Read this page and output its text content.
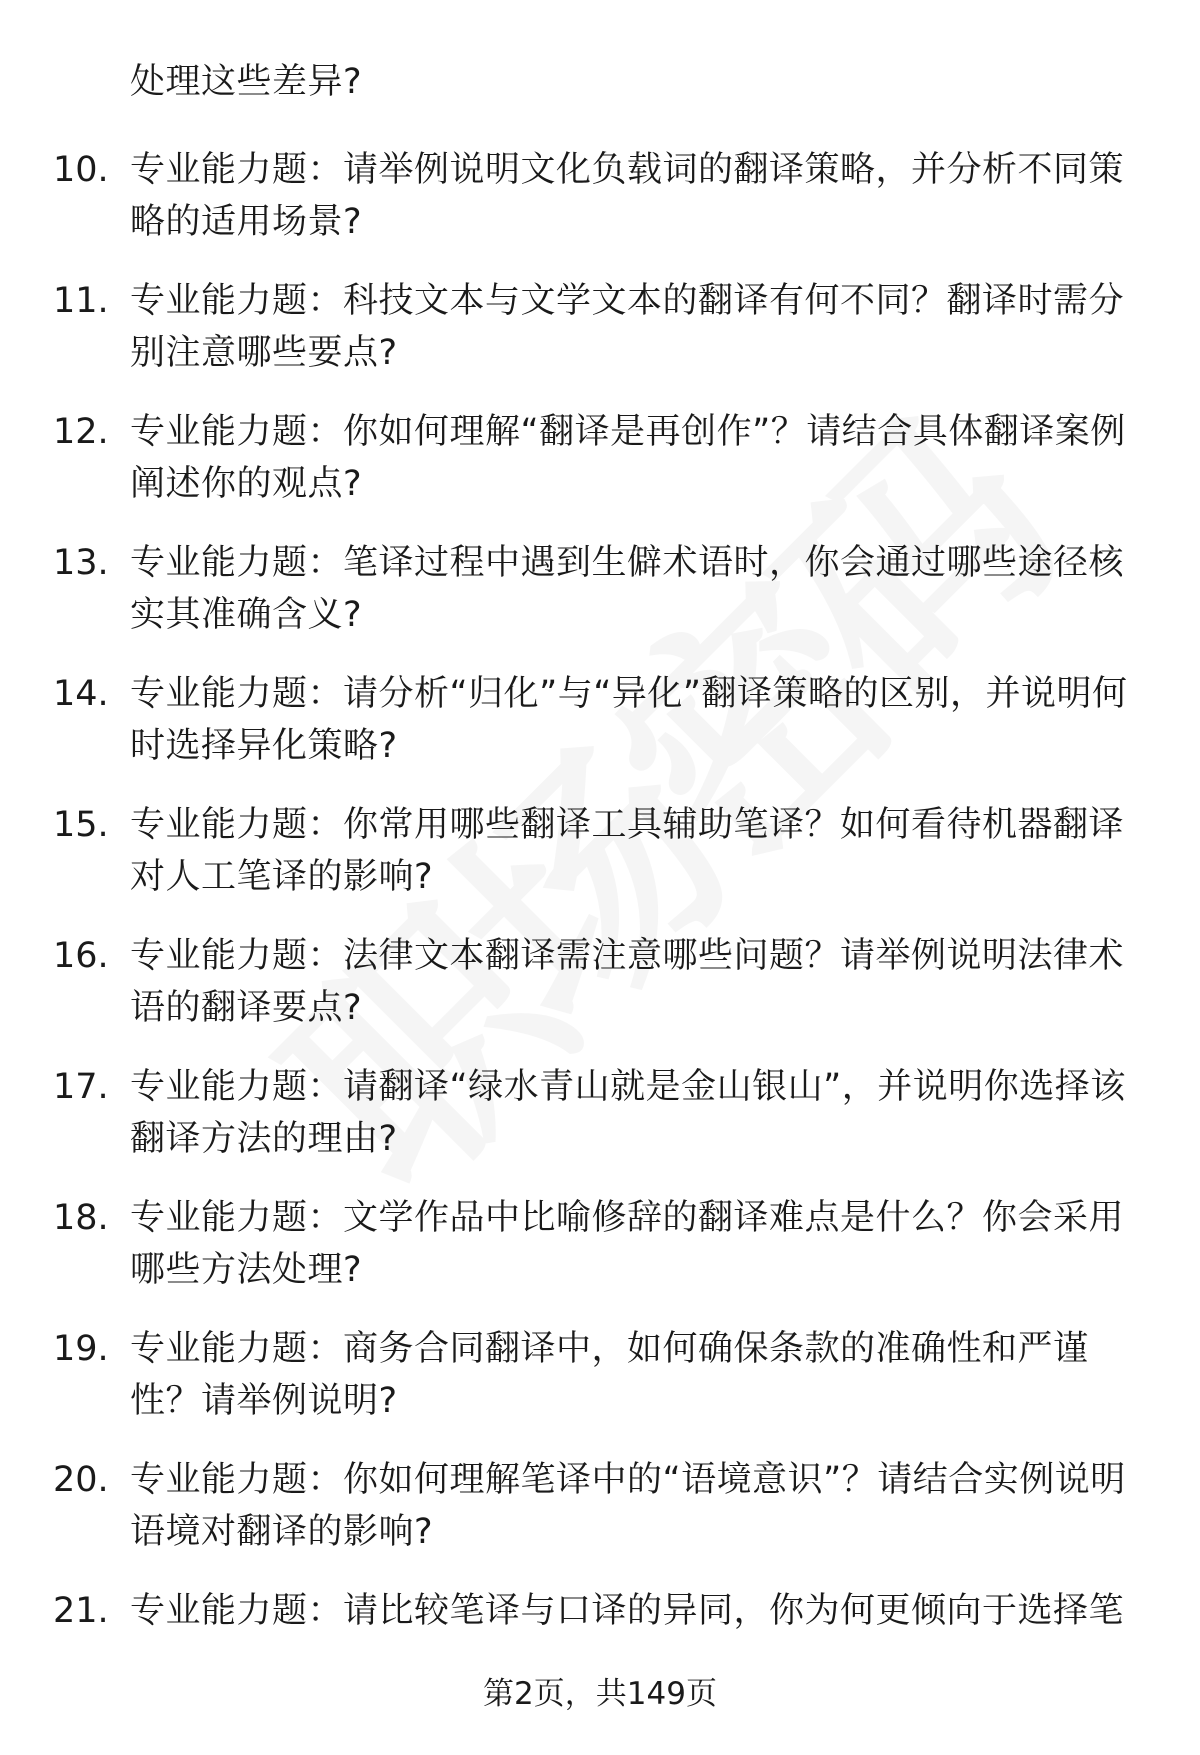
处理这些差异?
10. 专业能力题：请举例说明文化负载词的翻译策略，并分析不同策略的适用场景?
11. 专业能力题：科技文本与文学文本的翻译有何不同？翻译时需分别注意哪些要点?
12. 专业能力题：你如何理解“翻译是再创作”？请结合具体翻译案例阐述你的观点?
13. 专业能力题：笔译过程中遇到生僻术语时，你会通过哪些途径核实其准确含义?
14. 专业能力题：请分析“归化”与“异化”翻译策略的区别，并说明何时选择异化策略?
15. 专业能力题：你常用哪些翻译工具辅助笔译？如何看待机器翻译对人工笔译的影响?
16. 专业能力题：法律文本翻译需注意哪些问题？请举例说明法律术语的翻译要点?
17. 专业能力题：请翻译“绿水青山就是金山银山”，并说明你选择该翻译方法的理由?
18. 专业能力题：文学作品中比喻修辞的翻译难点是什么？你会采用哪些方法处理?
19. 专业能力题：商务合同翻译中，如何确保条款的准确性和严谨性？请举例说明?
20. 专业能力题：你如何理解笔译中的“语境意识”？请结合实例说明语境对翻译的影响?
21. 专业能力题：请比较笔译与口译的异同，你为何更倾向于选择笔
第2页，共149页
